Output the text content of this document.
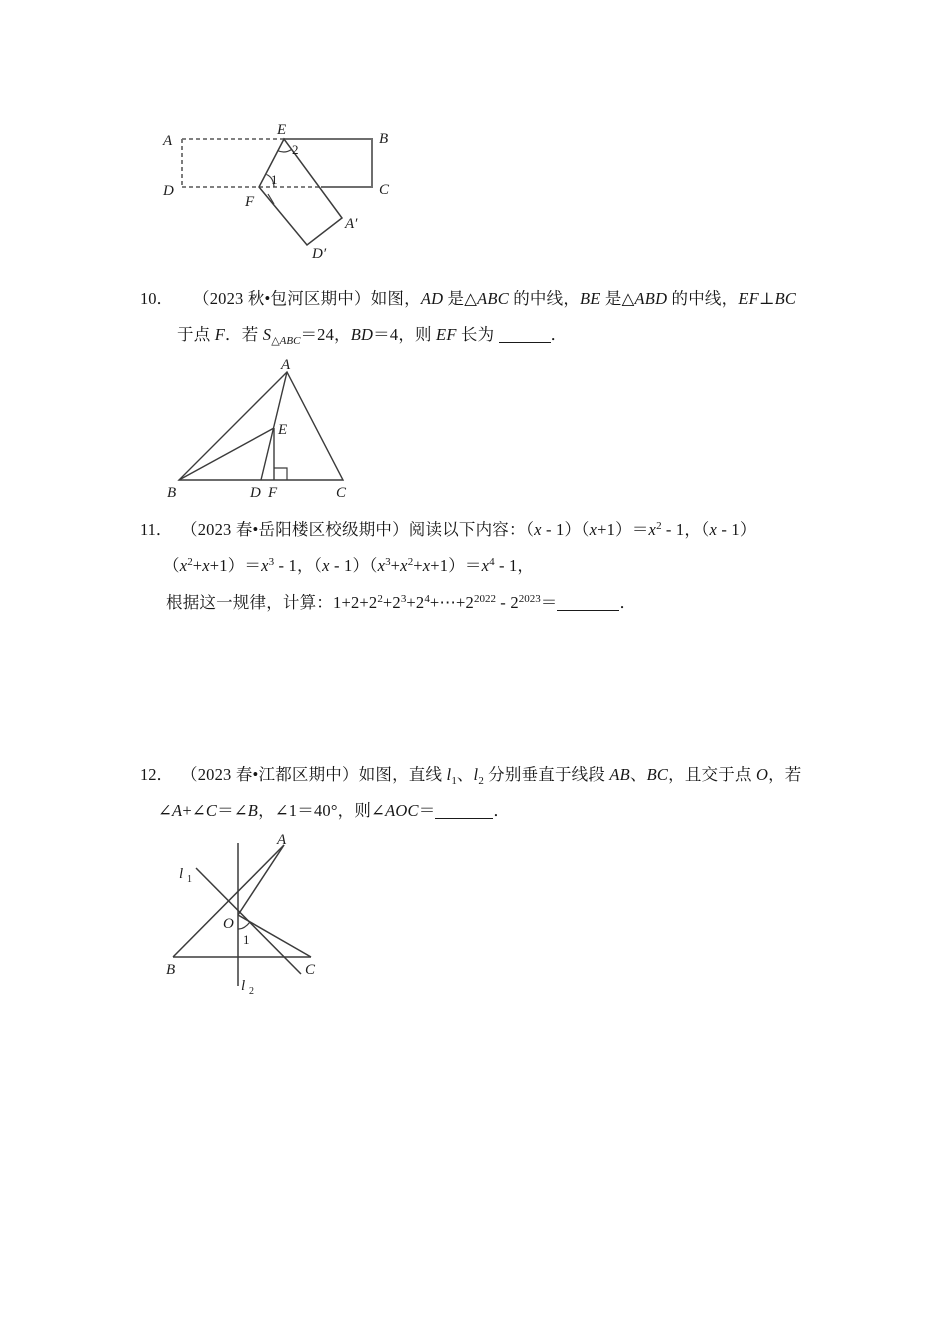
A
E
B
D
F
C
A′
D′
2
1
10． （2023 秋•包河区期中）如图，AD 是△ABC 的中线，BE 是△ABD 的中线，EF⊥BC
于点 F．若 $S_{\triangle ABC}=24$，BD＝4，则 EF 长为	．
A
B	D F	C
E
11． （2023 春•岳阳楼区校级期中）阅读以下内容：$(x - 1)(x+1)=x^2 - 1$，（x - 1）
$(x^2+x+1)=x^3 - 1$，$(x - 1)(x^3+x^2+x+1)=x^4 - 1$，
根据这一规律，计算：$1+2+2^2+2^3+2^4+\cdots+2^{2022} - 2^{2023}=$	．
12． （2023 春•江都区期中）如图，直线 $l_1$、$l_2$ 分别垂直于线段 AB、BC，且交于点 O，若
∠A+∠C＝∠B，∠1＝40°，则∠AOC＝	．
A
l 1
O
1
B	C
l 2
